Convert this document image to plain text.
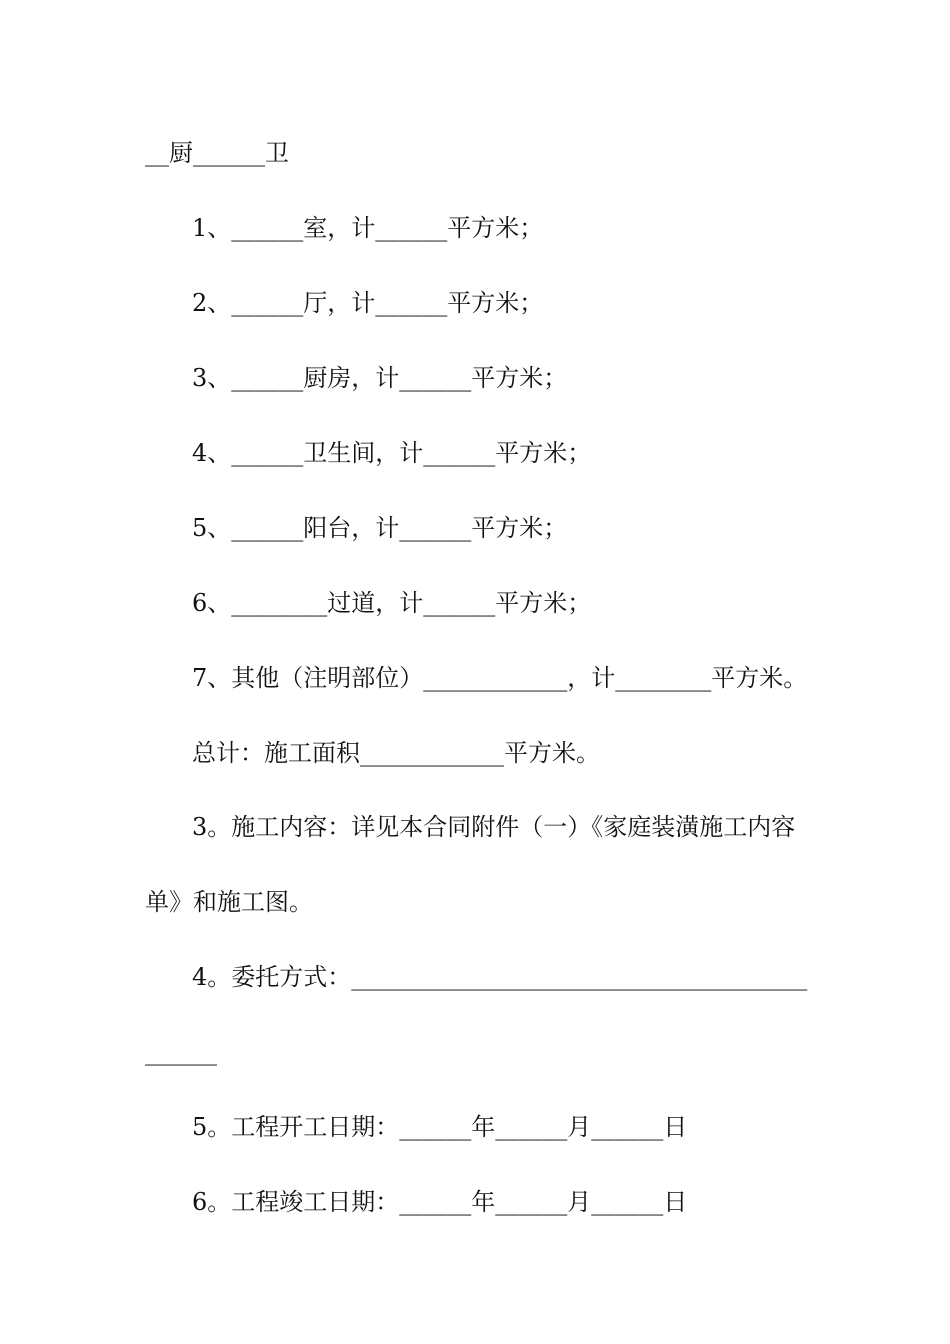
__厨______卫
1、______室，计______平方米；
2、______厅，计______平方米；
3、______厨房，计______平方米；
4、______卫生间，计______平方米；
5、______阳台，计______平方米；
6、________过道，计______平方米；
7、其他（注明部位）____________，计________平方米。
总计：施工面积____________平方米。
3。施工内容：详见本合同附件（一）《家庭装潢施工内容
单》和施工图。
4。委托方式：______________________________________
______
5。工程开工日期：______年______月______日
6。工程竣工日期：______年______月______日
